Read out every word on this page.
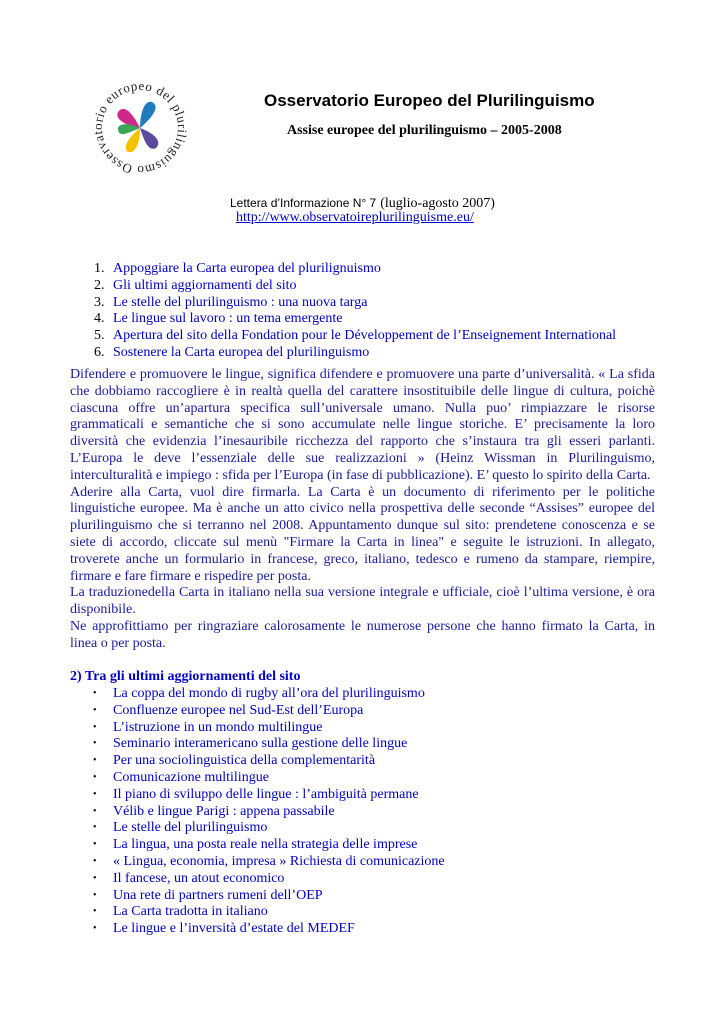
Osservatorio europeo del plurilinguismo
Osservatorio Europeo del Plurilinguismo
Assise europee del plurilinguismo – 2005-2008
Lettera d’Informazione N° 7 (luglio-agosto 2007)
http://www.observatoireplurilinguisme.eu/
1. Appoggiare la Carta europea del plurilignuismo
2. Gli ultimi aggiornamenti del sito
3. Le stelle del plurilinguismo : una nuova targa
4. Le lingue sul lavoro : un tema emergente
5. Apertura del sito della Fondation pour le Développement de l’Enseignement International
6. Sostenere la Carta europea del plurilinguismo

Difendere e promuovere le lingue, significa difendere e promuovere una parte d’universalità. « La sfida che dobbiamo raccogliere è in realtà quella del carattere insostituibile delle lingue di cultura, poichè ciascuna offre un’apartura specifica sull’universale umano. Nulla puo’ rimpiazzare le risorse grammaticali e semantiche che si sono accumulate nelle lingue storiche. E’ precisamente la loro diversità che evidenzia l’inesauribile ricchezza del rapporto che s’instaura tra gli esseri parlanti. L’Europa le deve l’essenziale delle sue realizzazioni » (Heinz Wissman in Plurilinguismo, interculturalità e impiego : sfida per l’Europa (in fase di pubblicazione). E’ questo lo spirito della Carta.

Aderire alla Carta, vuol dire firmarla. La Carta è un documento di riferimento per le politiche linguistiche europee. Ma è anche un atto civico nella prospettiva delle seconde “Assises” europee del plurilinguismo che si terranno nel 2008. Appuntamento dunque sul sito: prendetene conoscenza e se siete di accordo, cliccate sul menù "Firmare la Carta in linea" e seguite le istruzioni. In allegato, troverete anche un formulario in francese, greco, italiano, tedesco e rumeno da stampare, riempire, firmare e fare firmare e rispedire per posta.

La traduzionedella Carta in italiano nella sua versione integrale e ufficiale, cioè l’ultima versione, è ora disponibile.

Ne approfittiamo per ringraziare calorosamente le numerose persone che hanno firmato la Carta, in linea o per posta.

2) Tra gli ultimi aggiornamenti del sito
• La coppa del mondo di rugby all’ora del plurilinguismo
• Confluenze europee nel Sud-Est dell’Europa
• L’istruzione in un mondo multilingue
• Seminario interamericano sulla gestione delle lingue
• Per una sociolinguistica della complementarità
• Comunicazione multilingue
• Il piano di sviluppo delle lingue : l’ambiguità permane
• Vélib e lingue Parigi : appena passabile
• Le stelle del plurilinguismo
• La lingua, una posta reale nella strategia delle imprese
• « Lingua, economia, impresa » Richiesta di comunicazione
• Il fancese, un atout economico
• Una rete di partners rumeni dell’OEP
• La Carta tradotta in italiano
• Le lingue e l’inversità d’estate del MEDEF
